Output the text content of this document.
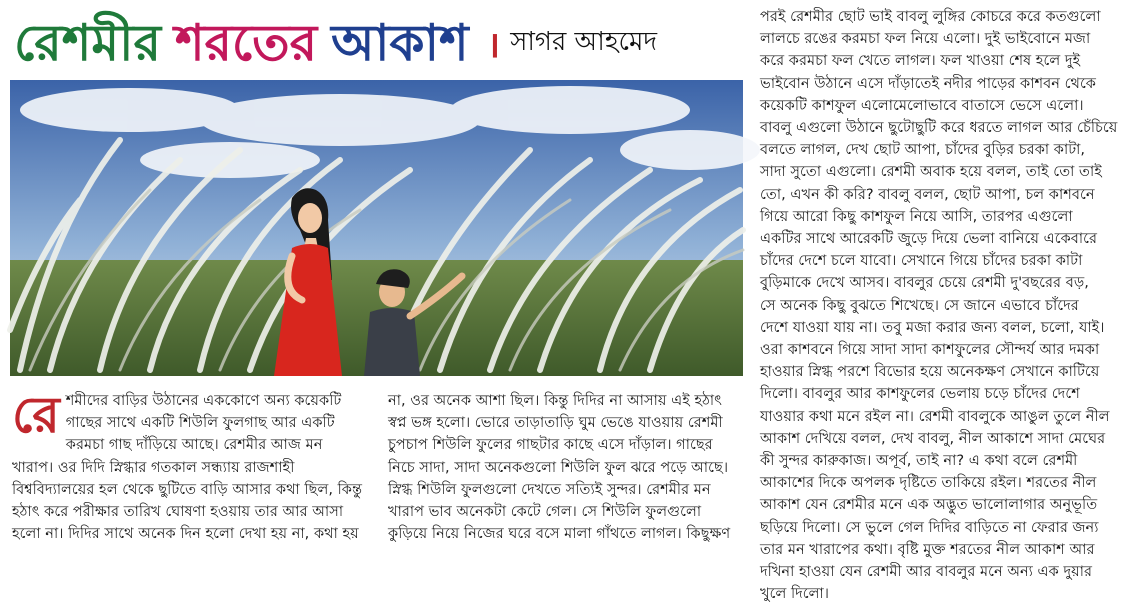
রেশমীর শরতের আকাশ । সাগর আহমেদ
রে শমীদের বাড়ির উঠানের এককোণে অন্য কয়েকটি
গাছের সাথে একটি শিউলি ফুলগাছ আর একটি
করমচা গাছ দাঁড়িয়ে আছে। রেশমীর আজ মন
খারাপ। ওর দিদি স্নিগ্ধার গতকাল সন্ধ্যায় রাজশাহী
বিশ্ববিদ্যালয়ের হল থেকে ছুটিতে বাড়ি আসার কথা ছিল, কিন্তু
হঠাৎ করে পরীক্ষার তারিখ ঘোষণা হওয়ায় তার আর আসা
হলো না। দিদির সাথে অনেক দিন হলো দেখা হয় না, কথা হয়
না, ওর অনেক আশা ছিল। কিন্তু দিদির না আসায় এই হঠাৎ
স্বপ্ন ভঙ্গ হলো। ভোরে তাড়াতাড়ি ঘুম ভেঙে যাওয়ায় রেশমী
চুপচাপ শিউলি ফুলের গাছটার কাছে এসে দাঁড়াল। গাছের
নিচে সাদা, সাদা অনেকগুলো শিউলি ফুল ঝরে পড়ে আছে।
স্নিগ্ধ শিউলি ফুলগুলো দেখতে সত্যিই সুন্দর। রেশমীর মন
খারাপ ভাব অনেকটা কেটে গেল। সে শিউলি ফুলগুলো
কুড়িয়ে নিয়ে নিজের ঘরে বসে মালা গাঁথতে লাগল। কিছুক্ষণ
পরই রেশমীর ছোট ভাই বাবলু লুঙ্গির কোচরে করে কতগুলো
লালচে রঙের করমচা ফল নিয়ে এলো। দুই ভাইবোনে মজা
করে করমচা ফল খেতে লাগল। ফল খাওয়া শেষ হলে দুই
ভাইবোন উঠানে এসে দাঁড়াতেই নদীর পাড়ের কাশবন থেকে
কয়েকটি কাশফুল এলোমেলোভাবে বাতাসে ভেসে এলো।
বাবলু এগুলো উঠানে ছুটোছুটি করে ধরতে লাগল আর চেঁচিয়ে
বলতে লাগল, দেখ ছোট আপা, চাঁদের বুড়ির চরকা কাটা,
সাদা সুতো এগুলো। রেশমী অবাক হয়ে বলল, তাই তো তাই
তো, এখন কী করি? বাবলু বলল, ছোট আপা, চল কাশবনে
গিয়ে আরো কিছু কাশফুল নিয়ে আসি, তারপর এগুলো
একটির সাথে আরেকটি জুড়ে দিয়ে ভেলা বানিয়ে একেবারে
চাঁদের দেশে চলে যাবো। সেখানে গিয়ে চাঁদের চরকা কাটা
বুড়িমাকে দেখে আসব। বাবলুর চেয়ে রেশমী দু'বছরের বড়,
সে অনেক কিছু বুঝতে শিখেছে। সে জানে এভাবে চাঁদের
দেশে যাওয়া যায় না। তবু মজা করার জন্য বলল, চলো, যাই।
ওরা কাশবনে গিয়ে সাদা সাদা কাশফুলের সৌন্দর্য আর দমকা
হাওয়ার স্নিগ্ধ পরশে বিভোর হয়ে অনেকক্ষণ সেখানে কাটিয়ে
দিলো। বাবলুর আর কাশফুলের ভেলায় চড়ে চাঁদের দেশে
যাওয়ার কথা মনে রইল না। রেশমী বাবলুকে আঙুল তুলে নীল
আকাশ দেখিয়ে বলল, দেখ বাবলু, নীল আকাশে সাদা মেঘের
কী সুন্দর কারুকাজ। অপূর্ব, তাই না? এ কথা বলে রেশমী
আকাশের দিকে অপলক দৃষ্টিতে তাকিয়ে রইল। শরতের নীল
আকাশ যেন রেশমীর মনে এক অদ্ভুত ভালোলাগার অনুভূতি
ছড়িয়ে দিলো। সে ভুলে গেল দিদির বাড়িতে না ফেরার জন্য
তার মন খারাপের কথা। বৃষ্টি মুক্ত শরতের নীল আকাশ আর
দখিনা হাওয়া যেন রেশমী আর বাবলুর মনে অন্য এক দুয়ার
খুলে দিলো।
